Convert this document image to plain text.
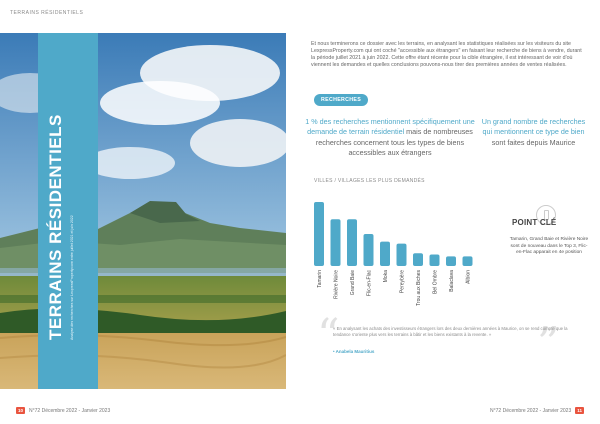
TERRAINS RÉSIDENTIELS
TERRAINS RÉSIDENTIELS Analyse des recherches sur LexpressProperty.com entre juillet 2021 et juin 2022

Et nous terminerons ce dossier avec les terrains, en analysant les statistiques réalisées sur les visiteurs du site LexpressProperty.com qui ont coché "accessible aux étrangers" en faisant leur recherche de biens à vendre, durant la période juillet 2021 à juin 2022. Cette offre étant récente pour la cible étrangère, il est intéressant de voir d'où viennent les demandes et quelles conclusions pouvons-nous tirer des premières années de ventes réalisées.

RECHERCHES

1 % des recherches mentionnent spécifiquement une demande de terrain résidentiel mais de nombreuses recherches concernent tous les types de biens accessibles aux étrangers

Un grand nombre de recherches qui mentionnent ce type de bien sont faites depuis Maurice

VILLES / VILLAGES LES PLUS DEMANDÉS
Tamarin Rivière Noire Grand Baie Flic-en-Flac Moka Pereybère Trou aux Biches Bel Ombre Balaclava Albion
POINT CLÉ

Tamarin, Grand Baie et Rivière Noire sont de nouveau dans le Top 3, Flic-en-Flac apparait en 4e position

“	”

« En analysant les achats des investisseurs étrangers lors des deux dernières années à Maurice, on se rend compte que la tendance s'oriente plus vers les terrains à bâtir et les biens existants à la revente. »

• Anabela Mauritius
10	N°72 Décembre 2022 - Janvier 2023	N°72 Décembre 2022 - Janvier 2023	11
